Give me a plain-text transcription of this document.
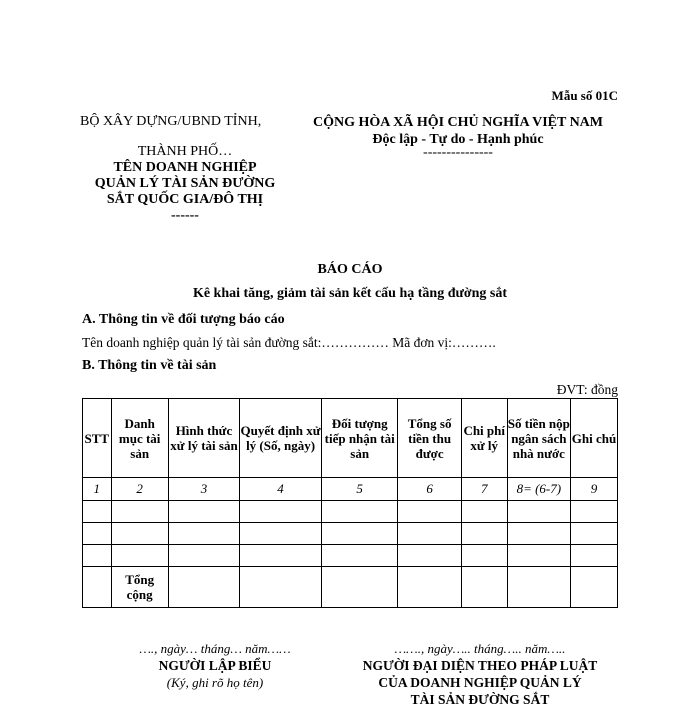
Mẫu số 01C
BỘ XÂY DỰNG/UBND TỈNH,
THÀNH PHỐ…
TÊN DOANH NGHIỆP
QUẢN LÝ TÀI SẢN ĐƯỜNG
SẮT QUỐC GIA/ĐÔ THỊ
------
CỘNG HÒA XÃ HỘI CHỦ NGHĨA VIỆT NAM
Độc lập - Tự do - Hạnh phúc
---------------
BÁO CÁO
Kê khai tăng, giảm tài sản kết cấu hạ tầng đường sắt
A. Thông tin về đối tượng báo cáo
Tên doanh nghiệp quản lý tài sản đường sắt:…………… Mã đơn vị:……….
B. Thông tin về tài sản
ĐVT: đồng
STT	Danh mục tài sản	Hình thức xử lý tài sản	Quyết định xử lý (Số, ngày)	Đối tượng tiếp nhận tài sản	Tổng số tiền thu được	Chi phí xử lý	Số tiền nộp ngân sách nhà nước	Ghi chú
1	2	3	4	5	6	7	8= (6-7)	9

	Tổng cộng							
…., ngày… tháng… năm……
NGƯỜI LẬP BIỂU
(Ký, ghi rõ họ tên)
……., ngày….. tháng….. năm…..
NGƯỜI ĐẠI DIỆN THEO PHÁP LUẬT
CỦA DOANH NGHIỆP QUẢN LÝ
TÀI SẢN ĐƯỜNG SẮT
